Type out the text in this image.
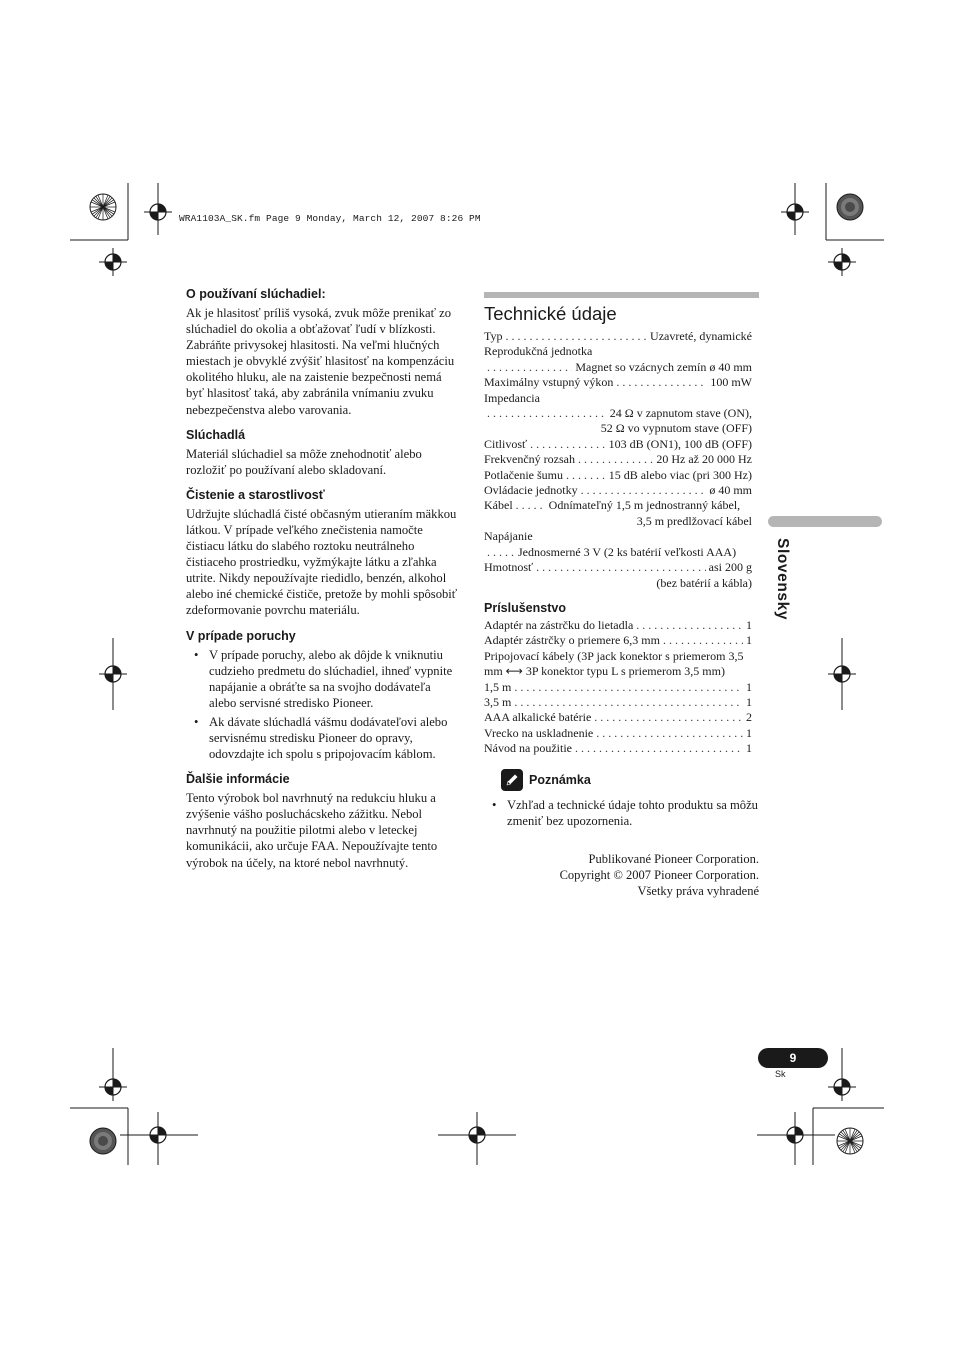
WRA1103A_SK.fm Page 9 Monday, March 12, 2007 8:26 PM
O používaní slúchadiel:

Ak je hlasitosť príliš vysoká, zvuk môže prenikať zo slúchadiel do okolia a obťažovať ľudí v blízkosti. Zabráňte privysokej hlasitosti. Na veľmi hlučných miestach je obvyklé zvýšiť hlasitosť na kompenzáciu okolitého hluku, ale na zaistenie bezpečnosti nemá byť hlasitosť taká, aby zabránila vnímaniu zvuku nebezpečenstva alebo varovania.

Slúchadlá

Materiál slúchadiel sa môže znehodnotiť alebo rozložiť po používaní alebo skladovaní.

Čistenie a starostlivosť

Udržujte slúchadlá čisté občasným utieraním mäkkou látkou. V prípade veľkého znečistenia namočte čistiacu látku do slabého roztoku neutrálneho čistiaceho prostriedku, vyžmýkajte látku a zľahka utrite. Nikdy nepoužívajte riedidlo, benzén, alkohol alebo iné chemické čističe, pretože by mohli spôsobiť zdeformovanie povrchu materiálu.

V prípade poruchy
• V prípade poruchy, alebo ak dôjde k vniknutiu cudzieho predmetu do slúchadiel, ihneď vypnite napájanie a obráťte sa na svojho dodávateľa alebo servisné stredisko Pioneer.
• Ak dávate slúchadlá vášmu dodávateľovi alebo servisnému stredisku Pioneer do opravy, odovzdajte ich spolu s pripojovacím káblom.
Ďalšie informácie

Tento výrobok bol navrhnutý na redukciu hluku a zvýšenie vášho posluchácskeho zážitku. Nebol navrhnutý na použitie pilotmi alebo v leteckej komunikácii, ako určuje FAA. Nepoužívajte tento výrobok na účely, na ktoré nebol navrhnutý.

Technické údaje
Typ . . .	Uzavreté, dynamické
Reprodukčná jednotka
. . .
Magnet so vzácnych zemín ø 40 mm
Maximálny vstupný výkon . . .	100 mW
Impedancia
. . .
24 Ω v zapnutom stave (ON),
52 Ω vo vypnutom stave (OFF)
Citlivosť . . .	103 dB (ON1), 100 dB (OFF)
Frekvenčný rozsah . . .	20 Hz až 20 000 Hz
Potlačenie šumu . . .	15 dB alebo viac (pri 300 Hz)
Ovládacie jednotky . . .	ø 40 mm
Kábel . . .	Odnímateľný 1,5 m jednostranný kábel,
3,5 m predlžovací kábel
Napájanie
. . .
Jednosmerné 3 V (2 ks batérií veľkosti AAA)
Hmotnosť . . .	asi 200 g
(bez batérií a kábla)
Príslušenstvo
Adaptér na zástrčku do lietadla . . .	1
Adaptér zástrčky o priemere 6,3 mm . . .	1
Pripojovací kábely (3P jack konektor s priemerom 3,5
mm ⟷ 3P konektor typu L s priemerom 3,5 mm)
1,5 m . . .	1
3,5 m . . .	1
AAA alkalické batérie . . .	2
Vrecko na uskladnenie . . .	1
Návod na použitie . . .	1
Poznámka
• Vzhľad a technické údaje tohto produktu sa môžu zmeniť bez upozornenia.
Publikované Pioneer Corporation.
Copyright © 2007 Pioneer Corporation.
Všetky práva vyhradené
Slovensky
9
Sk
